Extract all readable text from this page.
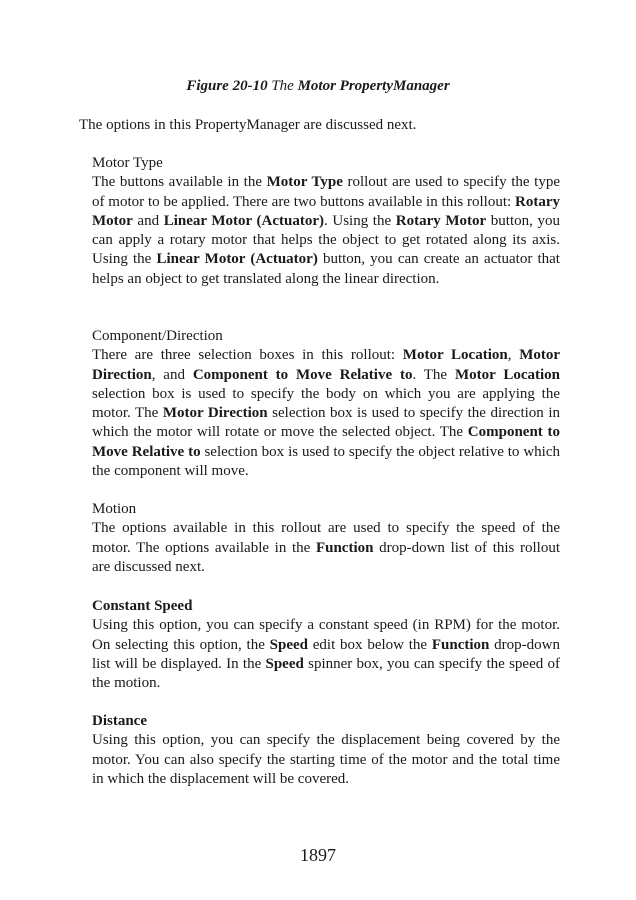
Figure 20-10 The Motor PropertyManager
The options in this PropertyManager are discussed next.

Motor Type

The buttons available in the Motor Type rollout are used to specify the type of motor to be applied. There are two buttons available in this rollout: Rotary Motor and Linear Motor (Actuator). Using the Rotary Motor button, you can apply a rotary motor that helps the object to get rotated along its axis. Using the Linear Motor (Actuator) button, you can create an actuator that helps an object to get translated along the linear direction.

Component/Direction

There are three selection boxes in this rollout: Motor Location, Motor Direction, and Component to Move Relative to. The Motor Location selection box is used to specify the body on which you are applying the motor. The Motor Direction selection box is used to specify the direction in which the motor will rotate or move the selected object. The Component to Move Relative to selection box is used to specify the object relative to which the component will move.

Motion

The options available in this rollout are used to specify the speed of the motor. The options available in the Function drop-down list of this rollout are discussed next.

Constant Speed

Using this option, you can specify a constant speed (in RPM) for the motor. On selecting this option, the Speed edit box below the Function drop-down list will be displayed. In the Speed spinner box, you can specify the speed of the motion.

Distance

Using this option, you can specify the displacement being covered by the motor. You can also specify the starting time of the motor and the total time in which the displacement will be covered.

1897
